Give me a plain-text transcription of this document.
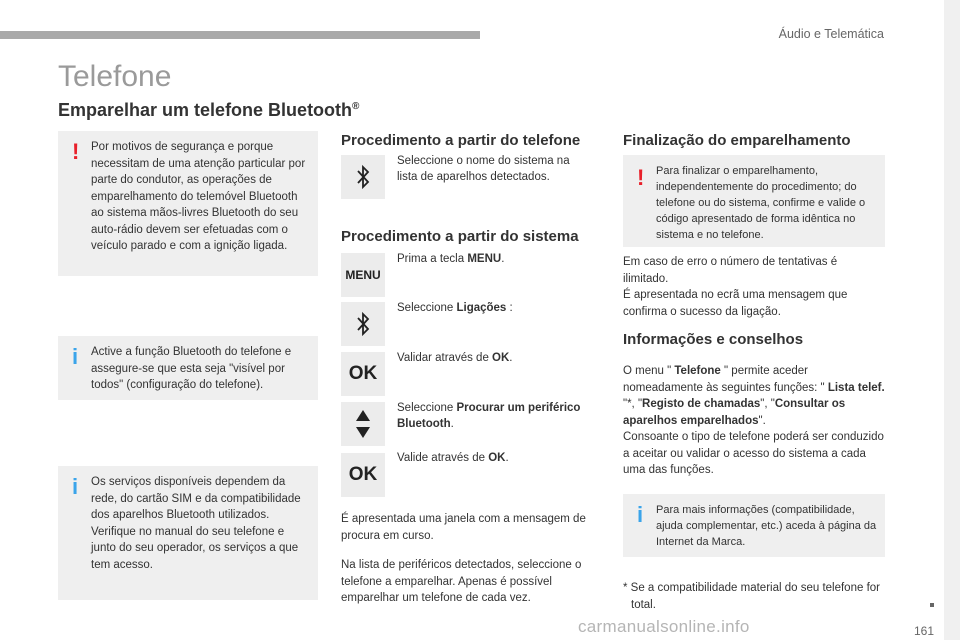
Áudio e Telemática
161
carmanualsonline.info
Telefone
Emparelhar um telefone Bluetooth®
! Por motivos de segurança e porque necessitam de uma atenção particular por parte do condutor, as operações de emparelhamento do telemóvel Bluetooth ao sistema mãos-livres Bluetooth do seu auto-rádio devem ser efetuadas com o veículo parado e com a ignição ligada.
i Active a função Bluetooth do telefone e assegure-se que esta seja "visível por todos" (configuração do telefone).
i Os serviços disponíveis dependem da rede, do cartão SIM e da compatibilidade dos aparelhos Bluetooth utilizados.
Verifique no manual do seu telefone e junto do seu operador, os serviços a que tem acesso.
Procedimento a partir do telefone
Seleccione o nome do sistema na lista de aparelhos detectados.
Procedimento a partir do sistema
MENU
Prima a tecla MENU.
Seleccione Ligações :
OK
Validar através de OK.
Seleccione Procurar um periférico Bluetooth.
OK
Valide através de OK.
É apresentada uma janela com a mensagem de procura em curso.
Na lista de periféricos detectados, seleccione o telefone a emparelhar. Apenas é possível emparelhar um telefone de cada vez.
Finalização do emparelhamento
! Para finalizar o emparelhamento, independentemente do procedimento; do telefone ou do sistema, confirme e valide o código apresentado de forma idêntica no sistema e no telefone.
Em caso de erro o número de tentativas é ilimitado.
É apresentada no ecrã uma mensagem que confirma o sucesso da ligação.
Informações e conselhos
O menu " Telefone " permite aceder nomeadamente às seguintes funções: " Lista telef. "*, "Registo de chamadas", "Consultar os aparelhos emparelhados".
Consoante o tipo de telefone poderá ser conduzido a aceitar ou validar o acesso do sistema a cada uma das funções.
i Para mais informações (compatibilidade, ajuda complementar, etc.) aceda à página da Internet da Marca.
* Se a compatibilidade material do seu telefone for total.
